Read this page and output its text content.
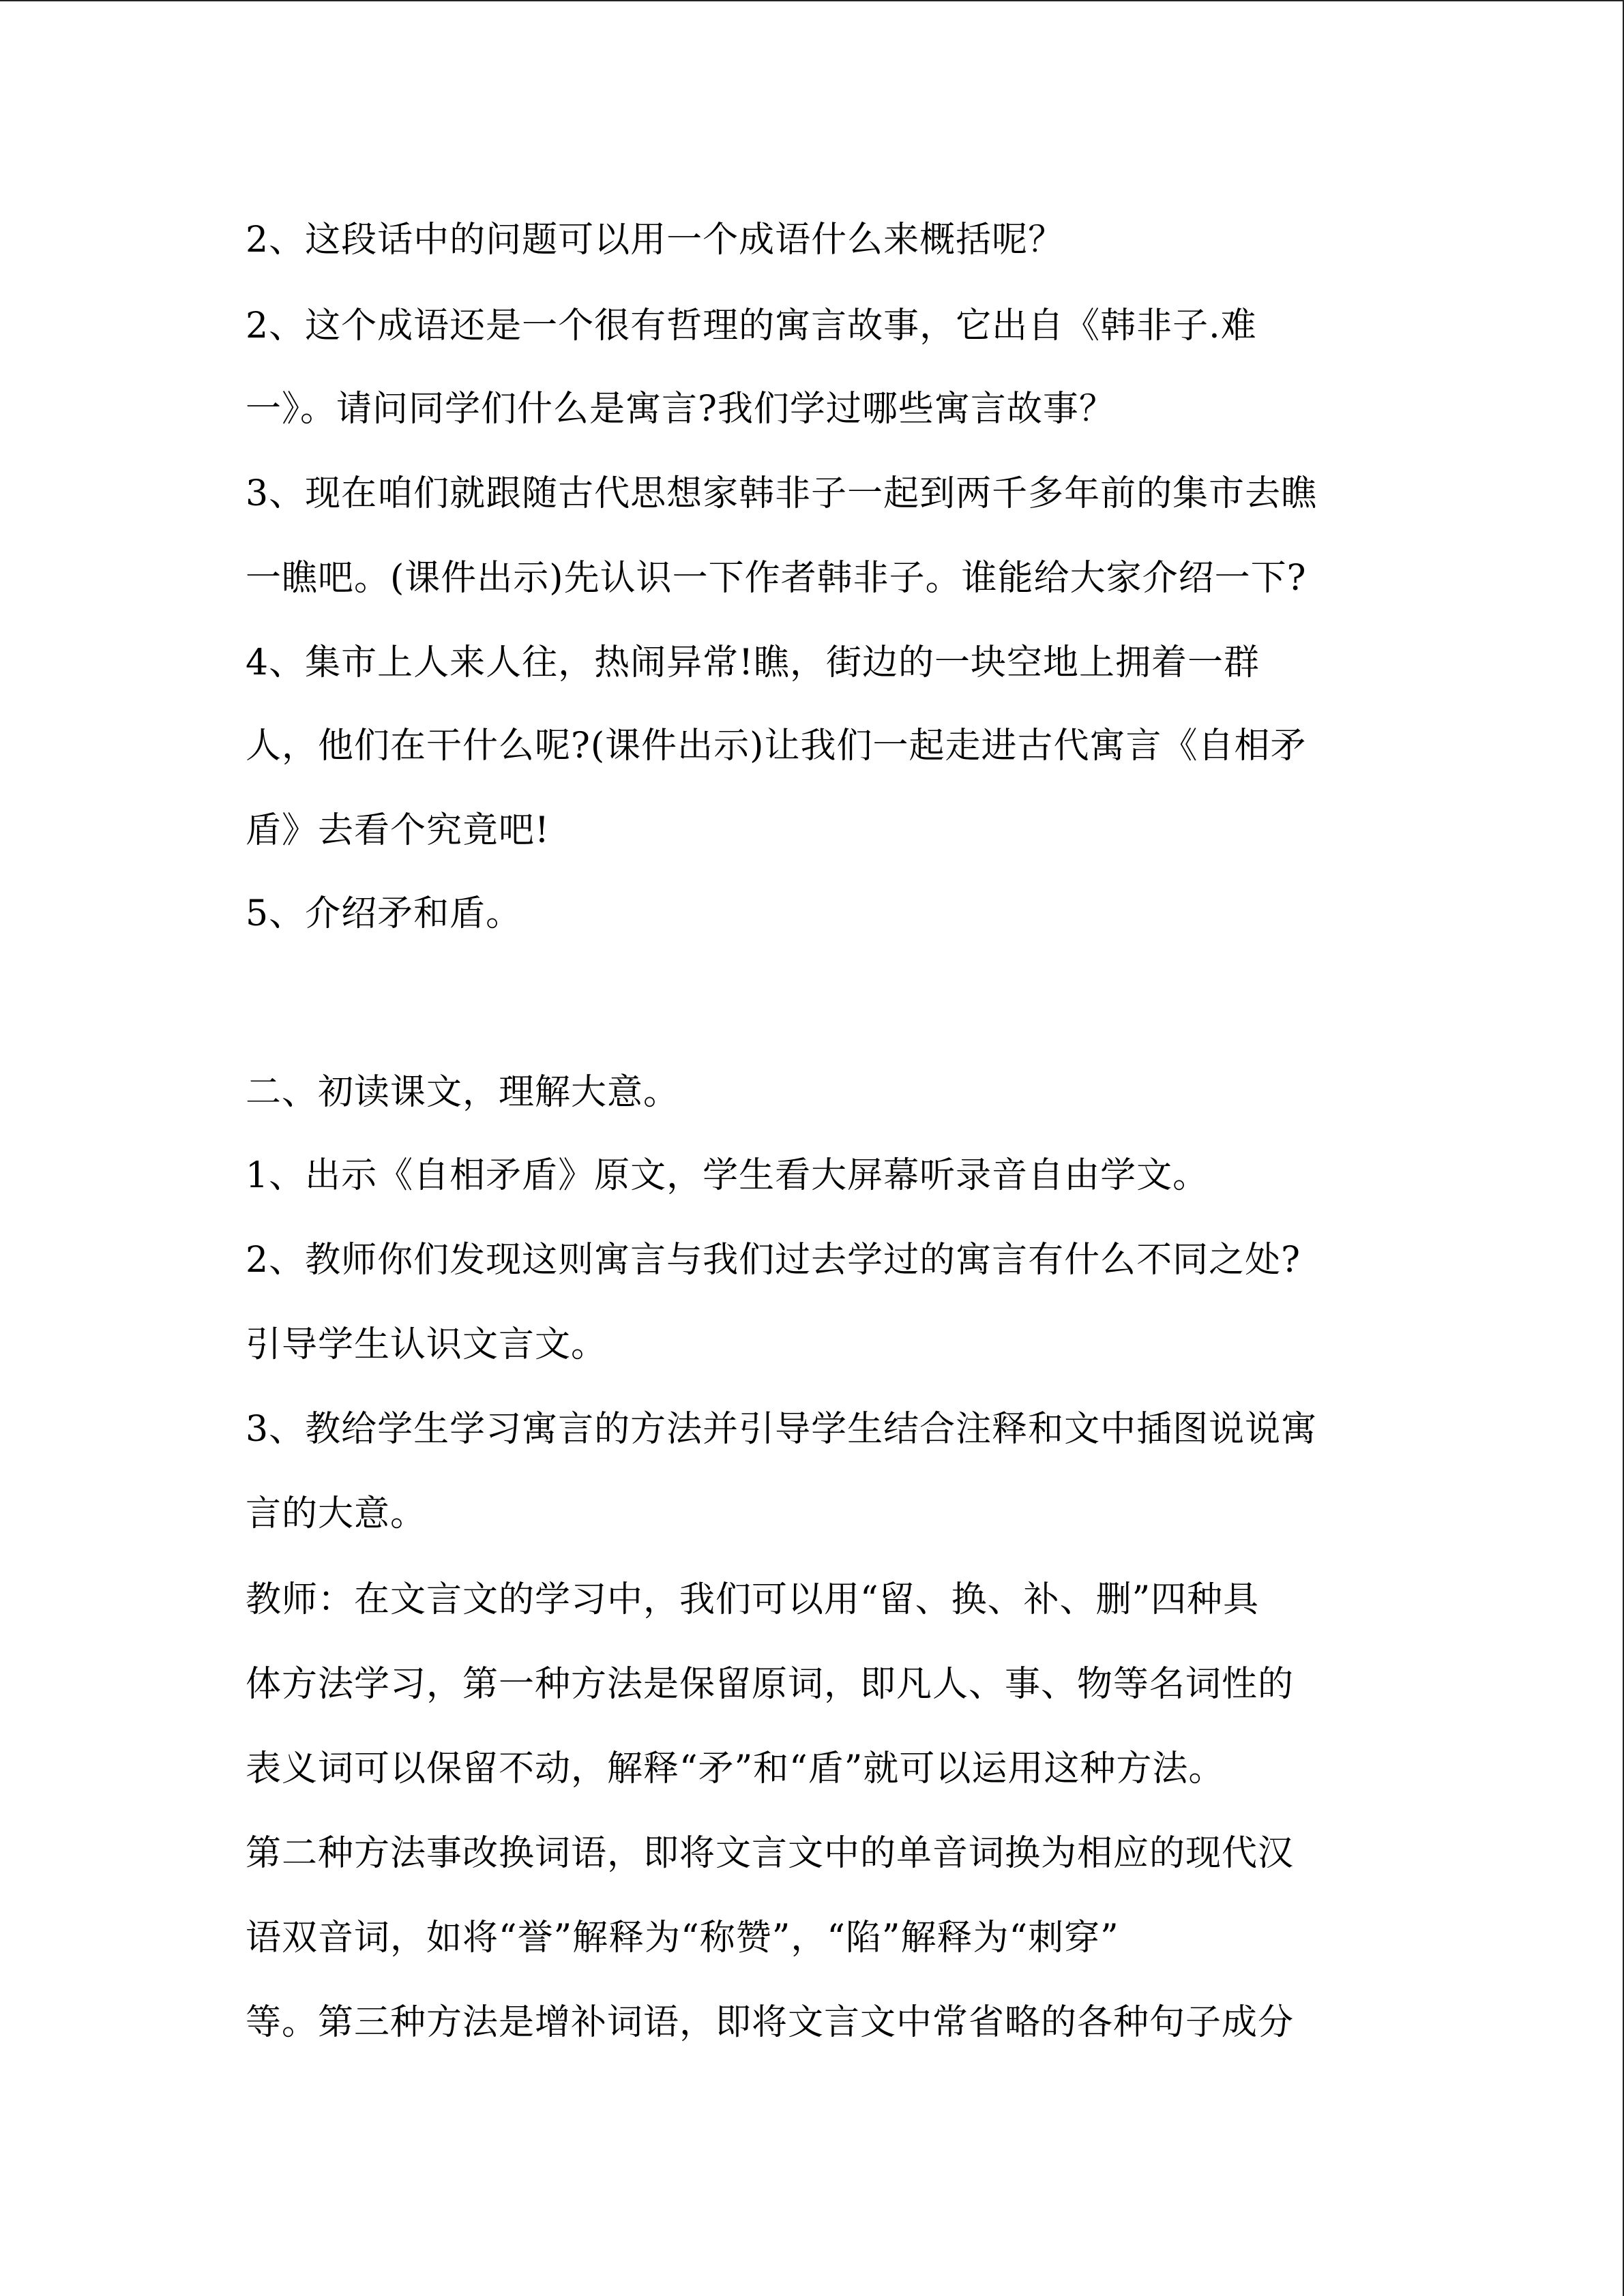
2、这段话中的问题可以用一个成语什么来概括呢？
2、这个成语还是一个很有哲理的寓言故事，它出自《韩非子.难
一》。请问同学们什么是寓言?我们学过哪些寓言故事？
3、现在咱们就跟随古代思想家韩非子一起到两千多年前的集市去瞧
一瞧吧。(课件出示)先认识一下作者韩非子。谁能给大家介绍一下?
4、集市上人来人往，热闹异常!瞧，街边的一块空地上拥着一群
人，他们在干什么呢?(课件出示)让我们一起走进古代寓言《自相矛
盾》去看个究竟吧!
5、介绍矛和盾。
二、初读课文，理解大意。
1、出示《自相矛盾》原文，学生看大屏幕听录音自由学文。
2、教师你们发现这则寓言与我们过去学过的寓言有什么不同之处?
引导学生认识文言文。
3、教给学生学习寓言的方法并引导学生结合注释和文中插图说说寓
言的大意。
教师：在文言文的学习中，我们可以用“留、换、补、删”四种具
体方法学习，第一种方法是保留原词，即凡人、事、物等名词性的
表义词可以保留不动，解释“矛”和“盾”就可以运用这种方法。
第二种方法事改换词语，即将文言文中的单音词换为相应的现代汉
语双音词，如将“誉”解释为“称赞”，“陷”解释为“刺穿”
等。第三种方法是增补词语，即将文言文中常省略的各种句子成分
